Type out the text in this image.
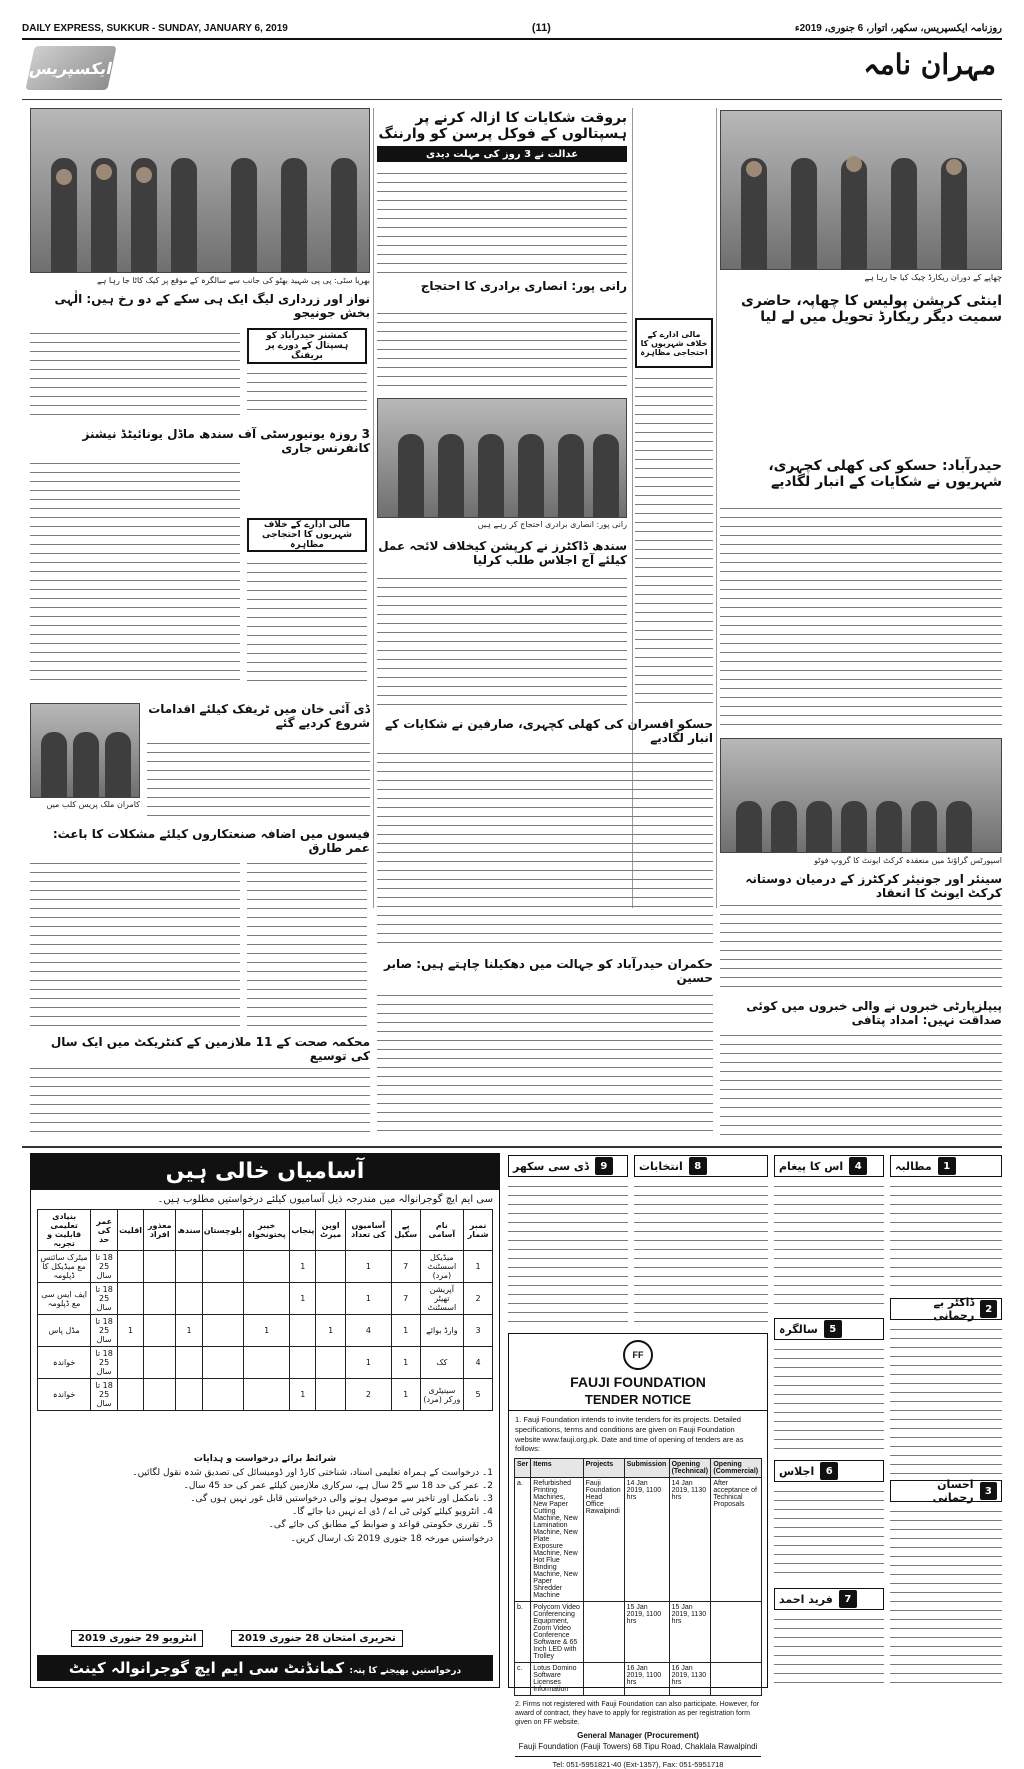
DAILY EXPRESS, SUKKUR - SUNDAY, JANUARY 6, 2019	(11)	روزنامہ ایکسپریس، سکھر، اتوار، 6 جنوری، 2019ء
ایکسپریس	مہران نامہ
بھریا سٹی: پی پی شہید بھٹو کی جانب سے سالگرہ کے موقع پر کیک کاٹا جا رہا ہے
بروقت شکایات کا ازالہ کرنے پر ہسپتالوں کے فوکل پرسن کو وارننگ
عدالت نے 3 روز کی مہلت دیدی
چھاپے کے دوران ریکارڈ چیک کیا جا رہا ہے
اینٹی کرپشن پولیس کا چھاپہ، حاضری سمیت دیگر ریکارڈ تحویل میں لے لیا
نواز اور زرداری لیگ ایک ہی سکے کے دو رخ ہیں: الٰہی بخش جونیجو
کمشنر حیدرآباد کو ہسپتال کے دورے پر بریفنگ
3 روزہ یونیورسٹی آف سندھ ماڈل یونائیٹڈ نیشنز کانفرنس جاری
مالی ادارے کے خلاف شہریوں کا احتجاجی مظاہرہ
رانی پور: انصاری برادری کا احتجاج
رانی پور: انصاری برادری احتجاج کر رہے ہیں
سندھ ڈاکٹرز نے کرپشن کیخلاف لائحہ عمل کیلئے آج اجلاس طلب کرلیا
مالی ادارے کے خلاف شہریوں کا احتجاجی مظاہرہ
حیدرآباد: حسکو کی کھلی کچہری، شہریوں نے شکایات کے انبار لگادیے
اسپورٹس گراؤنڈ میں منعقدہ کرکٹ ایونٹ کا گروپ فوٹو
سینئر اور جونیئر کرکٹرز کے درمیان دوستانہ کرکٹ ایونٹ کا انعقاد
پیپلزپارٹی خبروں نے والی خبروں میں کوئی صداقت نہیں: امداد پتافی
کامران ملک پریس کلب میں
ڈی آئی خان میں ٹریفک کیلئے اقدامات شروع کردیے گئے
فیسوں میں اضافہ صنعتکاروں کیلئے مشکلات کا باعث: عمر طارق
محکمہ صحت کے 11 ملازمین کے کنٹریکٹ میں ایک سال کی توسیع
حسکو افسران کی کھلی کچہری، صارفین نے شکایات کے انبار لگادیے
حکمران حیدرآباد کو جہالت میں دھکیلنا چاہتے ہیں: صابر حسین
آسامیاں خالی ہیں
سی ایم ایچ گوجرانوالہ میں مندرجہ ذیل آسامیوں کیلئے درخواستیں مطلوب ہیں۔
بنیادی تعلیمی قابلیت و تجربہ	عمر کی حد	اقلیت	معذور افراد	سندھ	بلوچستان	خیبر پختونخواہ	پنجاب	اوپن میرٹ	آسامیوں کی تعداد	پے سکیل	نام آسامی	نمبر شمار
میٹرک سائنس مع میڈیکل کا ڈپلومہ	18 تا 25 سال						1		1	7	میڈیکل اسسٹنٹ (مرد)	1
ایف ایس سی مع ڈپلومہ	18 تا 25 سال						1		1	7	آپریشن تھیٹر اسسٹنٹ	2
مڈل پاس	18 تا 25 سال	1		1		1		1	4	1	وارڈ بوائے	3
خواندہ	18 تا 25 سال								1	1	کک	4
خواندہ	18 تا 25 سال						1		2	1	سینیٹری ورکر (مرد)	5
شرائط برائے درخواست و ہدایات
1۔ درخواست کے ہمراہ تعلیمی اسناد، شناختی کارڈ اور ڈومیسائل کی تصدیق شدہ نقول لگائیں۔
2۔ عمر کی حد 18 سے 25 سال ہے، سرکاری ملازمین کیلئے عمر کی حد 45 سال۔
3۔ نامکمل اور تاخیر سے موصول ہونے والی درخواستیں قابل غور نہیں ہوں گی۔
4۔ انٹرویو کیلئے کوئی ٹی اے / ڈی اے نہیں دیا جائے گا۔
5۔ تقرری حکومتی قواعد و ضوابط کے مطابق کی جائے گی۔
درخواستیں مورخہ 18 جنوری 2019 تک ارسال کریں۔
تحریری امتحان 28 جنوری 2019
انٹرویو 29 جنوری 2019
درخواستیں بھیجنے کا پتہ: کمانڈنٹ سی ایم ایچ گوجرانوالہ کینٹ
FF
FAUJI FOUNDATION
TENDER NOTICE
1. Fauji Foundation intends to invite tenders for its projects. Detailed specifications, terms and conditions are given on Fauji Foundation website www.fauji.org.pk. Date and time of opening of tenders are as follows:
Ser	Items	Projects	Submission	Opening (Technical)	Opening (Commercial)
a.	Refurbished Printing Machines, New Paper Cutting Machine, New Lamination Machine, New Plate Exposure Machine, New Hot Flue Binding Machine, New Paper Shredder Machine	Fauji Foundation Head Office Rawalpindi	14 Jan 2019, 1100 hrs	14 Jan 2019, 1130 hrs	After acceptance of Technical Proposals
b.	Polycom Video Conferencing Equipment, Zoom Video Conference Software & 65 Inch LED with Trolley		15 Jan 2019, 1100 hrs	15 Jan 2019, 1130 hrs	
c.	Lotus Domino Software Licenses Information		16 Jan 2019, 1100 hrs	16 Jan 2019, 1130 hrs	
2. Firms not registered with Fauji Foundation can also participate. However, for award of contract, they have to apply for registration as per registration form given on FF website.
General Manager (Procurement)
Fauji Foundation (Fauji Towers) 68 Tipu Road, Chaklala Rawalpindi
Tel: 051-5951821-40 (Ext-1357), Fax: 051-5951718
9
ڈی سی سکھر	8
انتخابات	4
اس کا پیغام
5
سالگرہ
6
اجلاس
7
فرید احمد
1
مطالبہ
2
ڈاکٹر بے رحمانی
3
احسان رحمانی
